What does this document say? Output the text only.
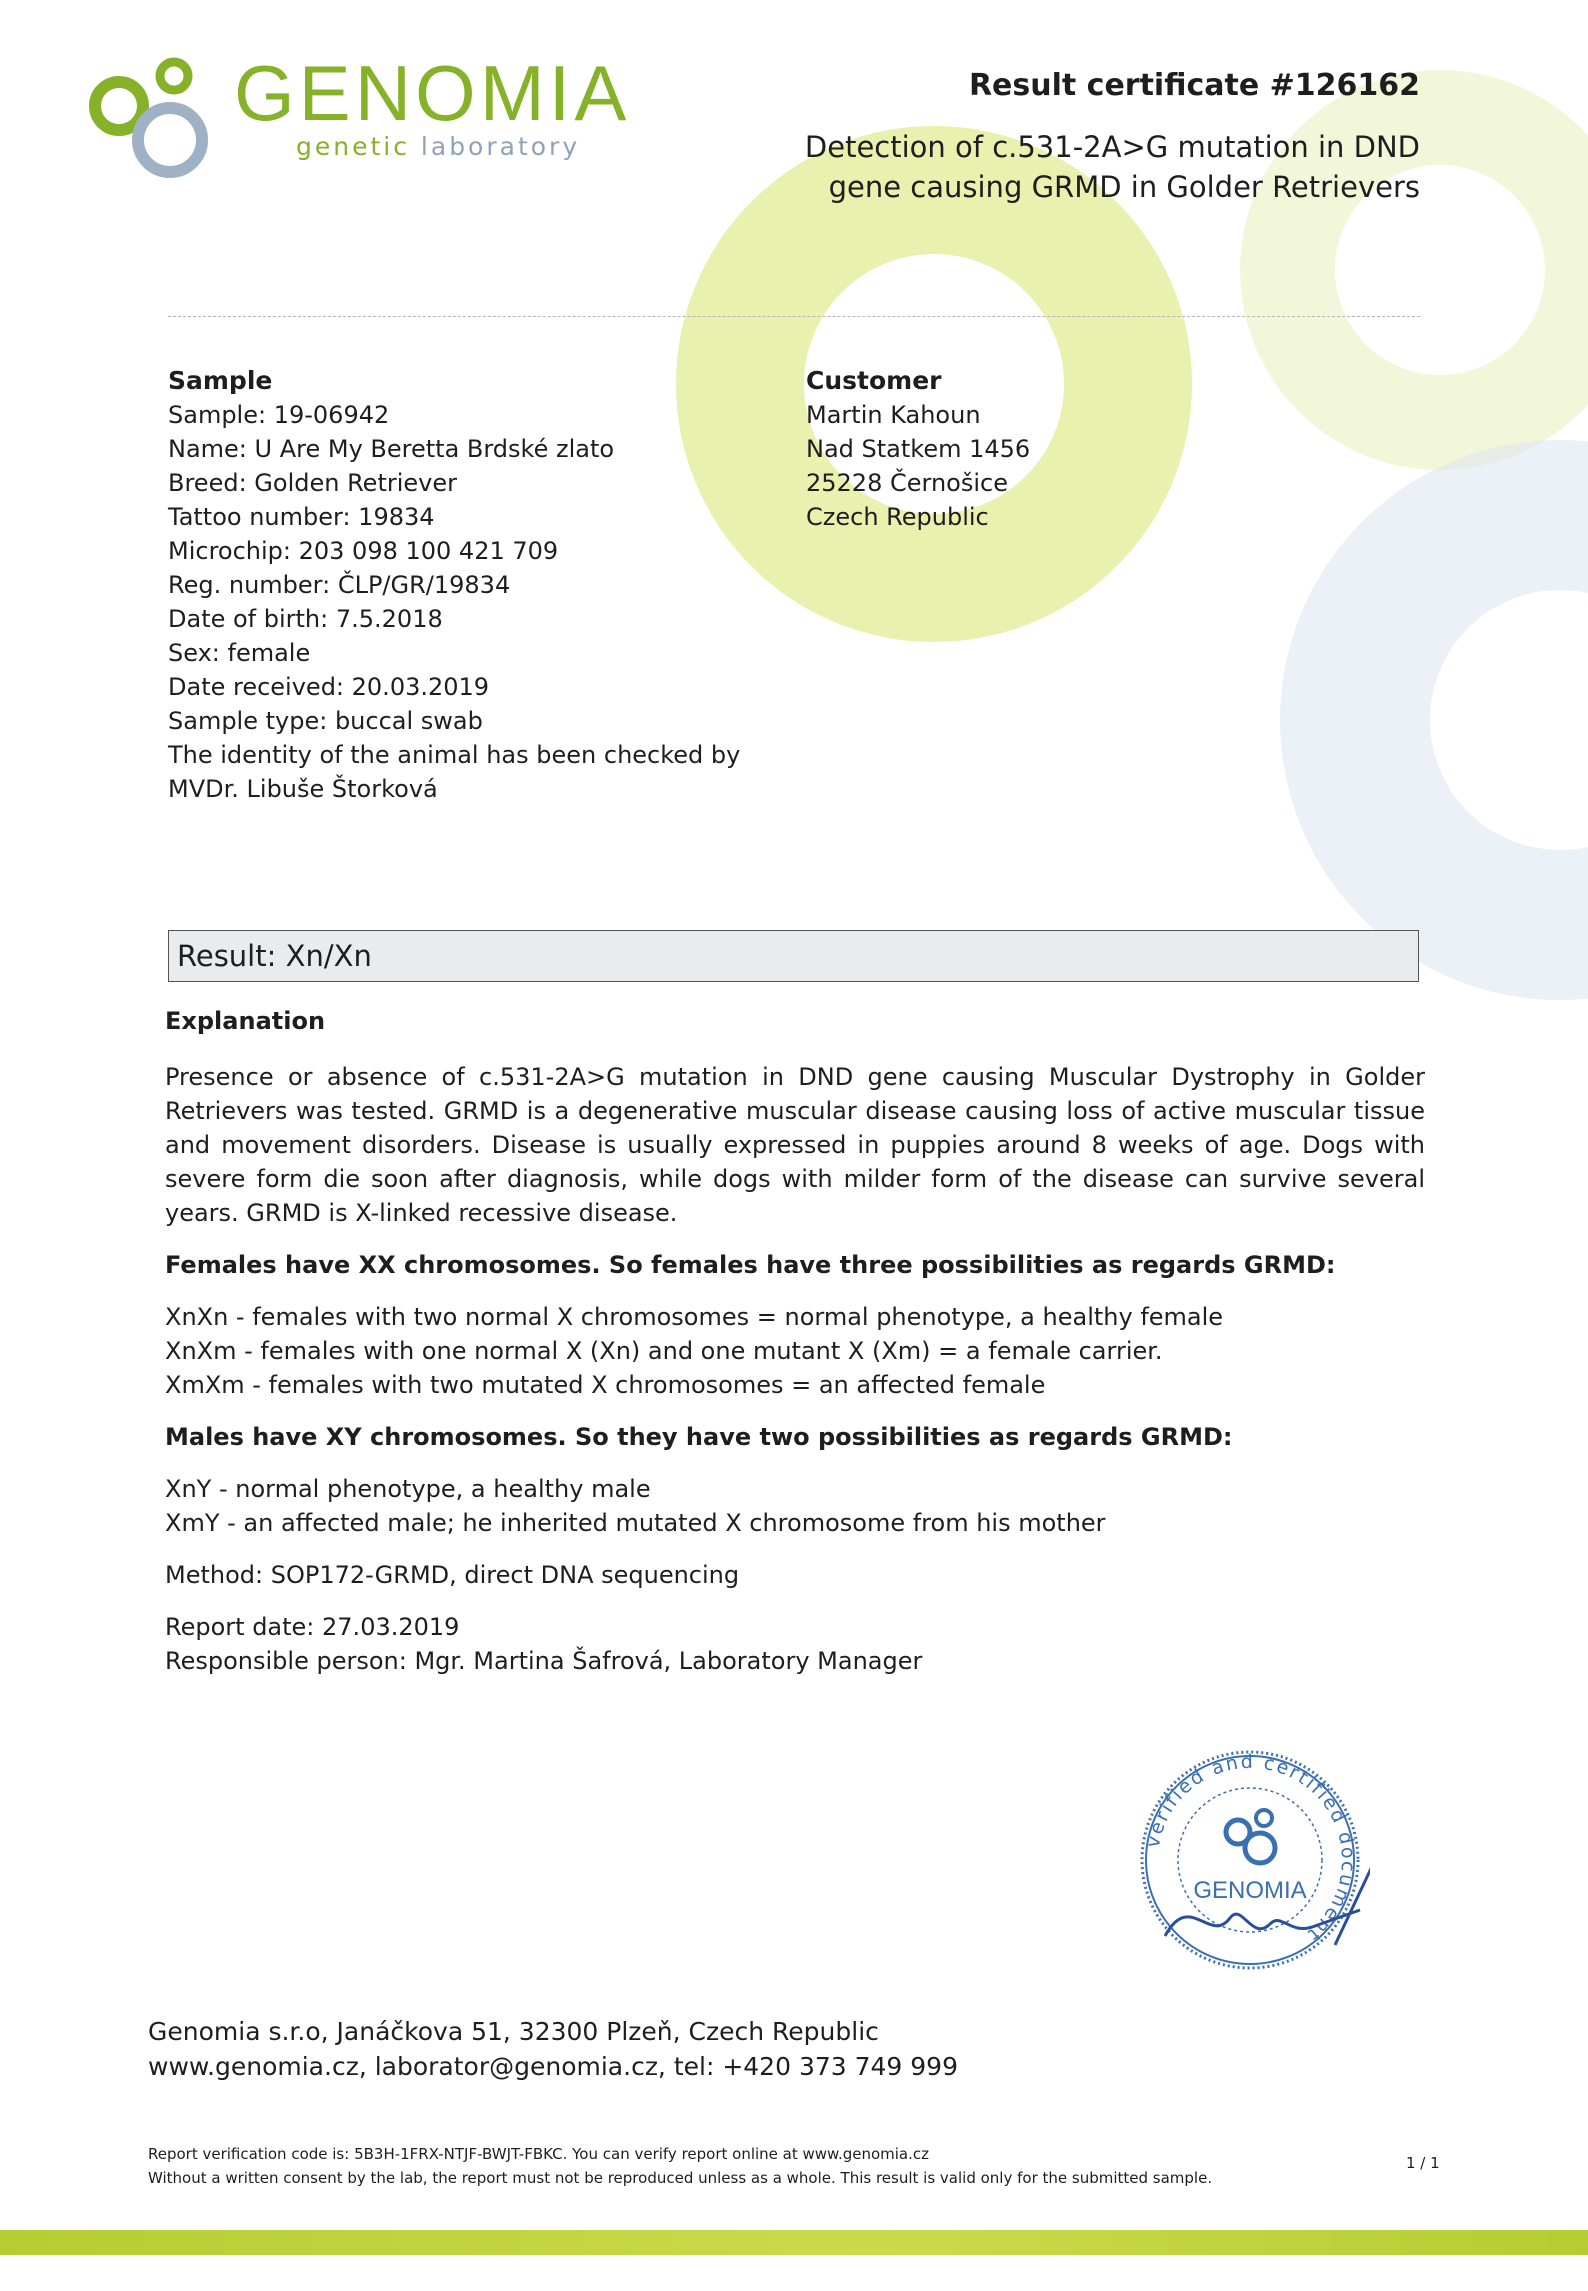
GENOMIA
genetic laboratory
Result certificate #126162
Detection of c.531-2A>G mutation in DND gene causing GRMD in Golder Retrievers
Sample
Sample: 19-06942
Name: U Are My Beretta Brdské zlato
Breed: Golden Retriever
Tattoo number: 19834
Microchip: 203 098 100 421 709
Reg. number: ČLP/GR/19834
Date of birth: 7.5.2018
Sex: female
Date received: 20.03.2019
Sample type: buccal swab
The identity of the animal has been checked by
MVDr. Libuše Štorková
Customer
Martin Kahoun
Nad Statkem 1456
25228 Černošice
Czech Republic
Result: Xn/Xn

Explanation

Presence or absence of c.531-2A>G mutation in DND gene causing Muscular Dystrophy in Golder Retrievers was tested. GRMD is a degenerative muscular disease causing loss of active muscular tissue and movement disorders. Disease is usually expressed in puppies around 8 weeks of age. Dogs with severe form die soon after diagnosis, while dogs with milder form of the disease can survive several years. GRMD is X-linked recessive disease.

Females have XX chromosomes. So females have three possibilities as regards GRMD:

XnXn - females with two normal X chromosomes = normal phenotype, a healthy female

XnXm - females with one normal X (Xn) and one mutant X (Xm) = a female carrier.

XmXm - females with two mutated X chromosomes = an affected female

Males have XY chromosomes. So they have two possibilities as regards GRMD:

XnY - normal phenotype, a healthy male

XmY - an affected male; he inherited mutated X chromosome from his mother

Method: SOP172-GRMD, direct DNA sequencing

Report date: 27.03.2019

Responsible person: Mgr. Martina Šafrová, Laboratory Manager

verified and certified document
GENOMIA
Genomia s.r.o, Janáčkova 51, 32300 Plzeň, Czech Republic
www.genomia.cz, laborator@genomia.cz, tel: +420 373 749 999
Report verification code is: 5B3H-1FRX-NTJF-BWJT-FBKC. You can verify report online at www.genomia.cz
Without a written consent by the lab, the report must not be reproduced unless as a whole. This result is valid only for the submitted sample.
1 / 1
